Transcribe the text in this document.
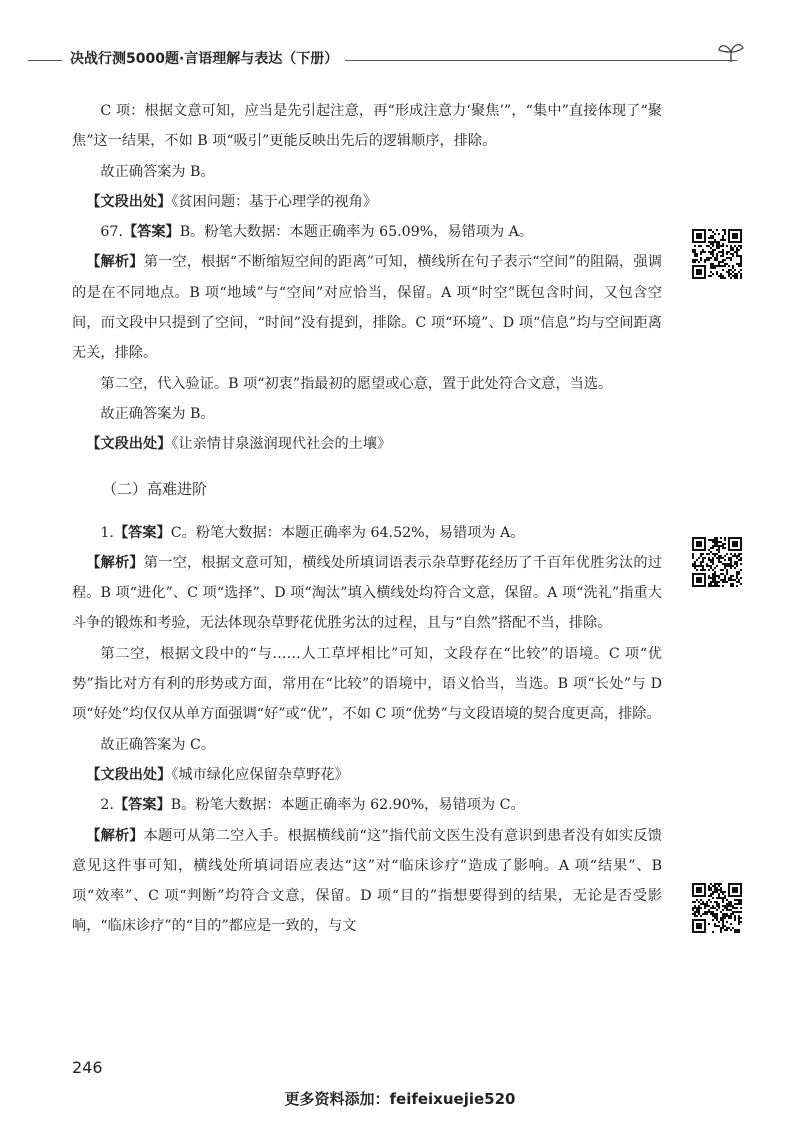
决战行测5000题·言语理解与表达（下册）

C 项：根据文意可知，应当是先引起注意，再“形成注意力‘聚焦’”，“集中”直接体现了“聚焦”这一结果，不如 B 项“吸引”更能反映出先后的逻辑顺序，排除。

故正确答案为 B。

【文段出处】《贫困问题：基于心理学的视角》

67.【答案】B。粉笔大数据：本题正确率为 65.09%，易错项为 A。

【解析】第一空，根据“不断缩短空间的距离”可知，横线所在句子表示“空间”的阻隔，强调的是在不同地点。B 项“地域”与“空间”对应恰当，保留。A 项“时空”既包含时间，又包含空间，而文段中只提到了空间，“时间”没有提到，排除。C 项“环境”、D 项“信息”均与空间距离无关，排除。

第二空，代入验证。B 项“初衷”指最初的愿望或心意，置于此处符合文意，当选。

故正确答案为 B。

【文段出处】《让亲情甘泉滋润现代社会的土壤》

（二）高难进阶

1.【答案】C。粉笔大数据：本题正确率为 64.52%，易错项为 A。

【解析】第一空，根据文意可知，横线处所填词语表示杂草野花经历了千百年优胜劣汰的过程。B 项“进化”、C 项“选择”、D 项“淘汰”填入横线处均符合文意，保留。A 项“洗礼”指重大斗争的锻炼和考验，无法体现杂草野花优胜劣汰的过程，且与“自然”搭配不当，排除。

第二空，根据文段中的“与……人工草坪相比”可知，文段存在“比较”的语境。C 项“优势”指比对方有利的形势或方面，常用在“比较”的语境中，语义恰当，当选。B 项“长处”与 D 项“好处”均仅仅从单方面强调“好”或“优”，不如 C 项“优势”与文段语境的契合度更高，排除。

故正确答案为 C。

【文段出处】《城市绿化应保留杂草野花》

2.【答案】B。粉笔大数据：本题正确率为 62.90%，易错项为 C。

【解析】本题可从第二空入手。根据横线前“这”指代前文医生没有意识到患者没有如实反馈意见这件事可知，横线处所填词语应表达“这”对“临床诊疗”造成了影响。A 项“结果”、B 项“效率”、C 项“判断”均符合文意，保留。D 项“目的”指想要得到的结果，无论是否受影响，“临床诊疗”的“目的”都应是一致的，与文

246
更多资料添加：feifeixuejie520
